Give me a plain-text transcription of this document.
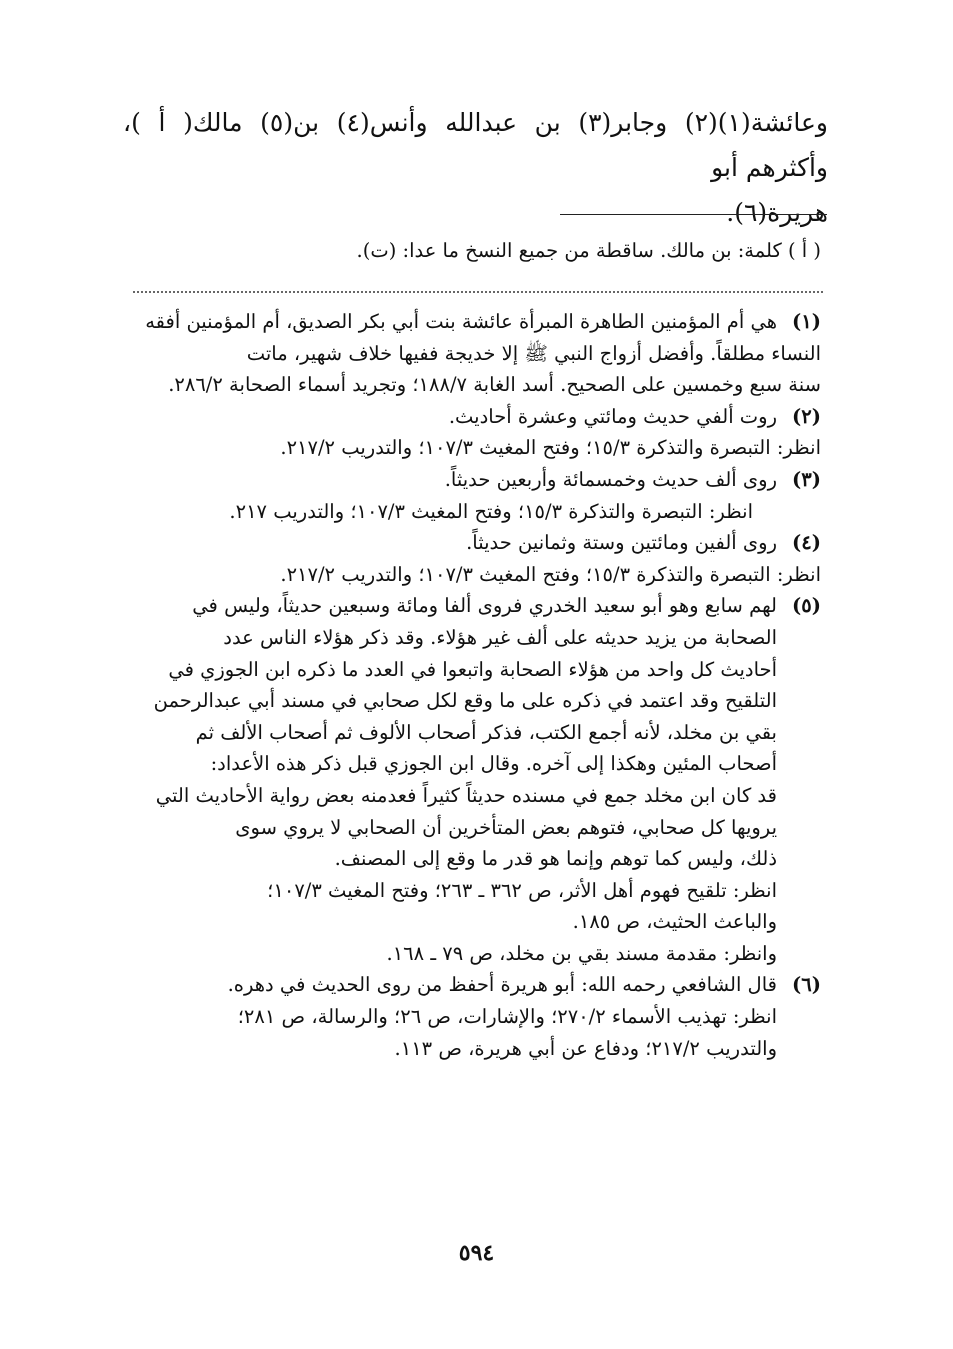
وعائشة(١)(٢) وجابر(٣) بن عبدالله وأنس(٤) بن(٥) مالك( أ )، وأكثرهم أبو

هريرة(٦).

( أ ) كلمة: بن مالك. ساقطة من جميع النسخ ما عدا: (ت).

(١)

هي أم المؤمنين الطاهرة المبرأة عائشة بنت أبي بكر الصديق، أم المؤمنين أفقه

النساء مطلقاً. وأفضل أزواج النبي ﷺ إلا خديجة ففيها خلاف شهير، ماتت

سنة سبع وخمسين على الصحيح. أسد الغابة ١٨٨/٧؛ وتجريد أسماء الصحابة ٢٨٦/٢.

(٢)

روت ألفي حديث ومائتي وعشرة أحاديث.

انظر: التبصرة والتذكرة ١٥/٣؛ وفتح المغيث ١٠٧/٣؛ والتدريب ٢١٧/٢.

(٣)

روى ألف حديث وخمسمائة وأربعين حديثاً.

انظر: التبصرة والتذكرة ١٥/٣؛ وفتح المغيث ١٠٧/٣؛ والتدريب ٢١٧.

(٤)

روى ألفين ومائتين وستة وثمانين حديثاً.

انظر: التبصرة والتذكرة ١٥/٣؛ وفتح المغيث ١٠٧/٣؛ والتدريب ٢١٧/٢.

(٥)

لهم سابع وهو أبو سعيد الخدري فروى ألفا ومائة وسبعين حديثاً، وليس في

الصحابة من يزيد حديثه على ألف غير هؤلاء. وقد ذكر هؤلاء الناس عدد

أحاديث كل واحد من هؤلاء الصحابة واتبعوا في العدد ما ذكره ابن الجوزي في

التلقيح وقد اعتمد في ذكره على ما وقع لكل صحابي في مسند أبي عبدالرحمن

بقي بن مخلد، لأنه أجمع الكتب، فذكر أصحاب الألوف ثم أصحاب الألف ثم

أصحاب المئين وهكذا إلى آخره. وقال ابن الجوزي قبل ذكر هذه الأعداد:

قد كان ابن مخلد جمع في مسنده حديثاً كثيراً فعدمنه بعض رواية الأحاديث التي

يرويها كل صحابي، فتوهم بعض المتأخرين أن الصحابي لا يروي سوى

ذلك، وليس كما توهم وإنما هو قدر ما وقع إلى المصنف.

انظر: تلقيح فهوم أهل الأثر، ص ٣٦٢ ـ ٢٦٣؛ وفتح المغيث ١٠٧/٣؛

والباعث الحثيث، ص ١٨٥.

وانظر: مقدمة مسند بقي بن مخلد، ص ٧٩ ـ ١٦٨.

(٦)

قال الشافعي رحمه الله: أبو هريرة أحفظ من روى الحديث في دهره.

انظر: تهذيب الأسماء ٢٧٠/٢؛ والإشارات، ص ٢٦؛ والرسالة، ص ٢٨١؛

والتدريب ٢١٧/٢؛ ودفاع عن أبي هريرة، ص ١١٣.

٥٩٤
